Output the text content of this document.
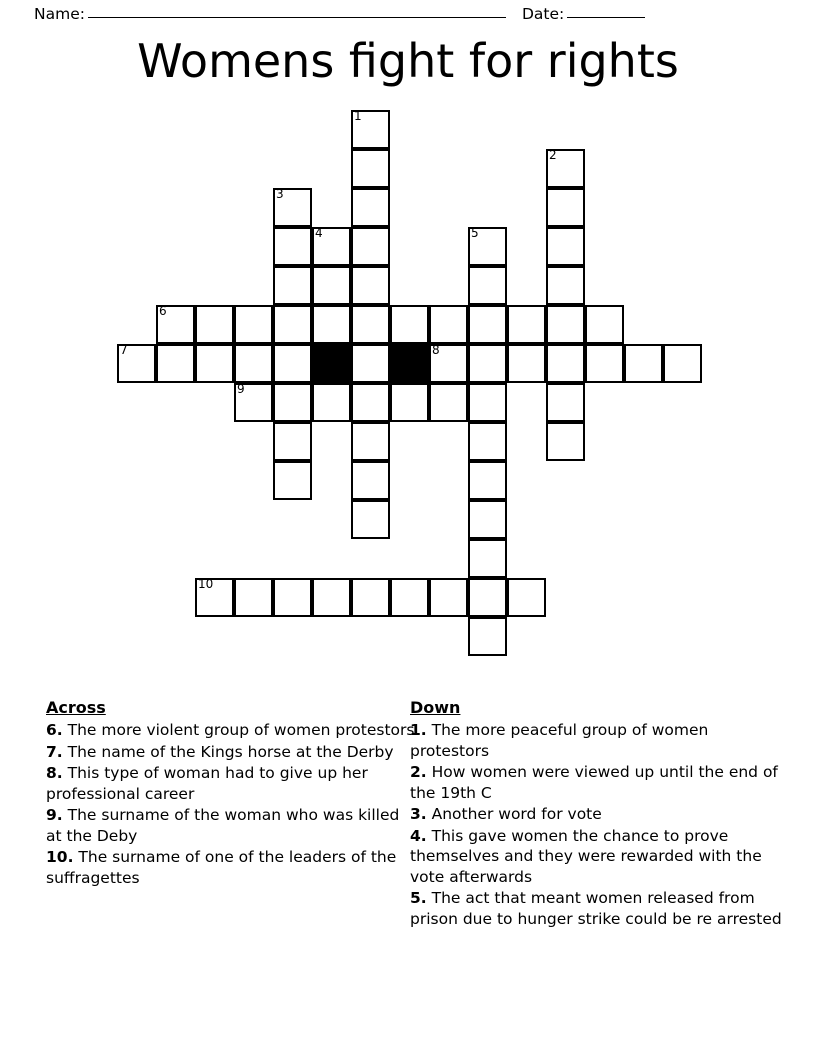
Name:	Date:
Womens fight for rights
1
2
3
4	5
6
7	8
9
10
Across

6. The more violent group of women protestors

7. The name of the Kings horse at the Derby

8. This type of woman had to give up her professional career

9. The surname of the woman who was killed at the Deby

10. The surname of one of the leaders of the suffragettes

Down

1. The more peaceful group of women protestors

2. How women were viewed up until the end of the 19th C

3. Another word for vote

4. This gave women the chance to prove themselves and they were rewarded with the vote afterwards

5. The act that meant women released from prison due to hunger strike could be re arrested
